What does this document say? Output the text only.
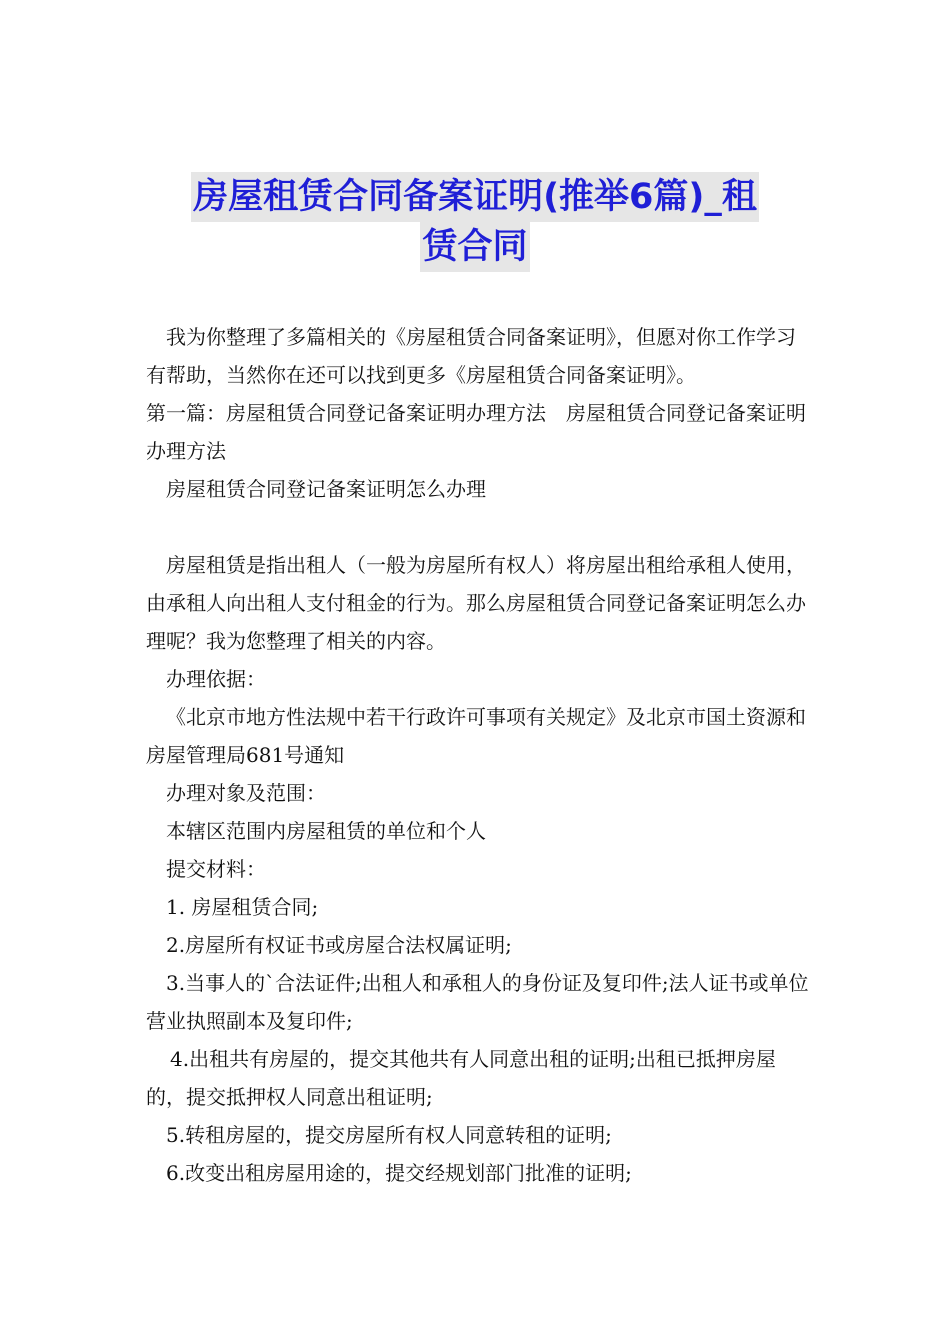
房屋租赁合同备案证明(推举6篇)_租
赁合同

我为你整理了多篇相关的《房屋租赁合同备案证明》，但愿对你工作学习有帮助，当然你在还可以找到更多《房屋租赁合同备案证明》。

第一篇：房屋租赁合同登记备案证明办理方法　房屋租赁合同登记备案证明办理方法

房屋租赁合同登记备案证明怎么办理

房屋租赁是指出租人（一般为房屋所有权人）将房屋出租给承租人使用，由承租人向出租人支付租金的行为。那么房屋租赁合同登记备案证明怎么办理呢？我为您整理了相关的内容。

办理依据：

《北京市地方性法规中若干行政许可事项有关规定》及北京市国土资源和房屋管理局681号通知

办理对象及范围：

本辖区范围内房屋租赁的单位和个人

提交材料：

1. 房屋租赁合同;

2.房屋所有权证书或房屋合法权属证明;

3.当事人的`合法证件;出租人和承租人的身份证及复印件;法人证书或单位营业执照副本及复印件;

4.出租共有房屋的，提交其他共有人同意出租的证明;出租已抵押房屋的，提交抵押权人同意出租证明;

5.转租房屋的，提交房屋所有权人同意转租的证明;

6.改变出租房屋用途的，提交经规划部门批准的证明;
